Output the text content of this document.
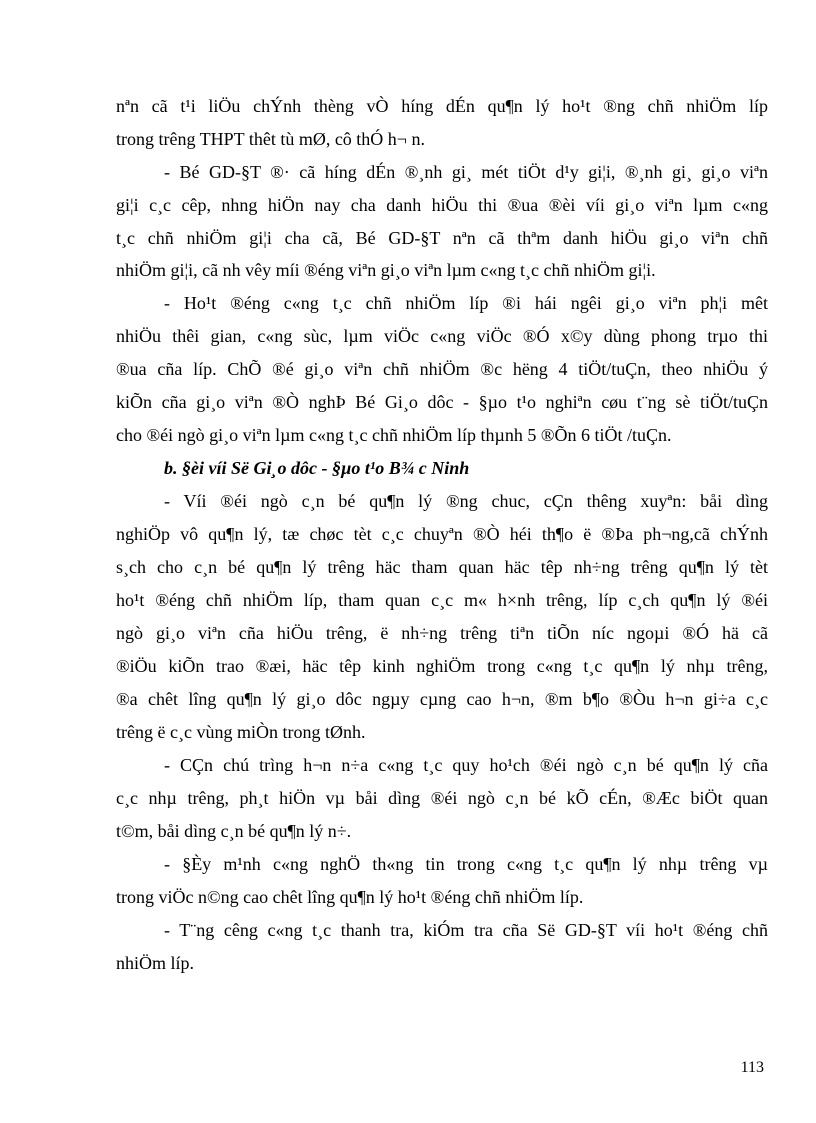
nªn cã t¹i liÖu chÝnh thèng vÒ híng dÉn qu¶n lý ho¹t ®ng chñ nhiÖm líp
trong trêng THPT thêt tù mØ, cô thÓ h¬ n.
- Bé GD-§T ®· cã híng dÉn ®¸nh gi¸ mét tiÖt d¹y gi¦i, ®¸nh gi¸ gi¸o viªn
gi¦i c¸c cêp, nhng hiÖn nay cha danh hiÖu thi ®ua ®èi víi gi¸o viªn lµm c«ng
t¸c chñ nhiÖm gi¦i cha cã, Bé GD-§T nªn cã thªm danh hiÖu gi¸o viªn chñ
nhiÖm gi¦i, cã nh vêy míi ®éng viªn gi¸o viªn lµm c«ng t¸c chñ nhiÖm gi¦i.
- Ho¹t ®éng c«ng t¸c chñ nhiÖm líp ®i hái ngêi gi¸o viªn ph¦i mêt
nhiÖu thêi gian, c«ng sùc, lµm viÖc c«ng viÖc ®Ó x©y dùng phong trµo thi
®ua cña líp. ChÕ ®é gi¸o viªn chñ nhiÖm ®c hëng 4 tiÖt/tuÇn, theo nhiÖu ý
kiÕn cña gi¸o viªn ®Ò nghÞ Bé Gi¸o dôc - §µo t¹o nghiªn cøu t¨ng sè tiÖt/tuÇn
cho ®éi ngò gi¸o viªn lµm c«ng t¸c chñ nhiÖm líp thµnh 5 ®Õn 6 tiÖt /tuÇn.
b. §èi víi Së Gi¸o dôc - §µo t¹o B¾ c Ninh
- Víi ®éi ngò c¸n bé qu¶n lý ®ng chuc, cÇn thêng xuyªn: båi dìng
nghiÖp vô qu¶n lý, tæ chøc tèt c¸c chuyªn ®Ò héi th¶o ë ®Þa ph¬ng,cã chÝnh
s¸ch cho c¸n bé qu¶n lý trêng häc tham quan häc têp nh÷ng trêng qu¶n lý tèt
ho¹t ®éng chñ nhiÖm líp, tham quan c¸c m« h×nh trêng, líp c¸ch qu¶n lý ®éi
ngò gi¸o viªn cña hiÖu trêng, ë nh÷ng trêng tiªn tiÕn níc ngoµi ®Ó hä cã
®iÖu kiÕn trao ®æi, häc têp kinh nghiÖm trong c«ng t¸c qu¶n lý nhµ trêng,
®a chêt lîng qu¶n lý gi¸o dôc ngµy cµng cao h¬n, ®m b¶o ®Òu h¬n gi÷a c¸c
trêng ë c¸c vùng miÒn trong tØnh.
- CÇn chú trìng h¬n n÷a c«ng t¸c quy ho¹ch ®éi ngò c¸n bé qu¶n lý cña
c¸c nhµ trêng, ph¸t hiÖn vµ båi dìng ®éi ngò c¸n bé kÕ cÉn, ®Æc biÖt quan
t©m, båi dìng c¸n bé qu¶n lý n÷.
- §Èy m¹nh c«ng nghÖ th«ng tin trong c«ng t¸c qu¶n lý nhµ trêng vµ
trong viÖc n©ng cao chêt lîng qu¶n lý ho¹t ®éng chñ nhiÖm líp.
- T¨ng cêng c«ng t¸c thanh tra, kiÓm tra cña Së GD-§T víi ho¹t ®éng chñ
nhiÖm líp.
113
